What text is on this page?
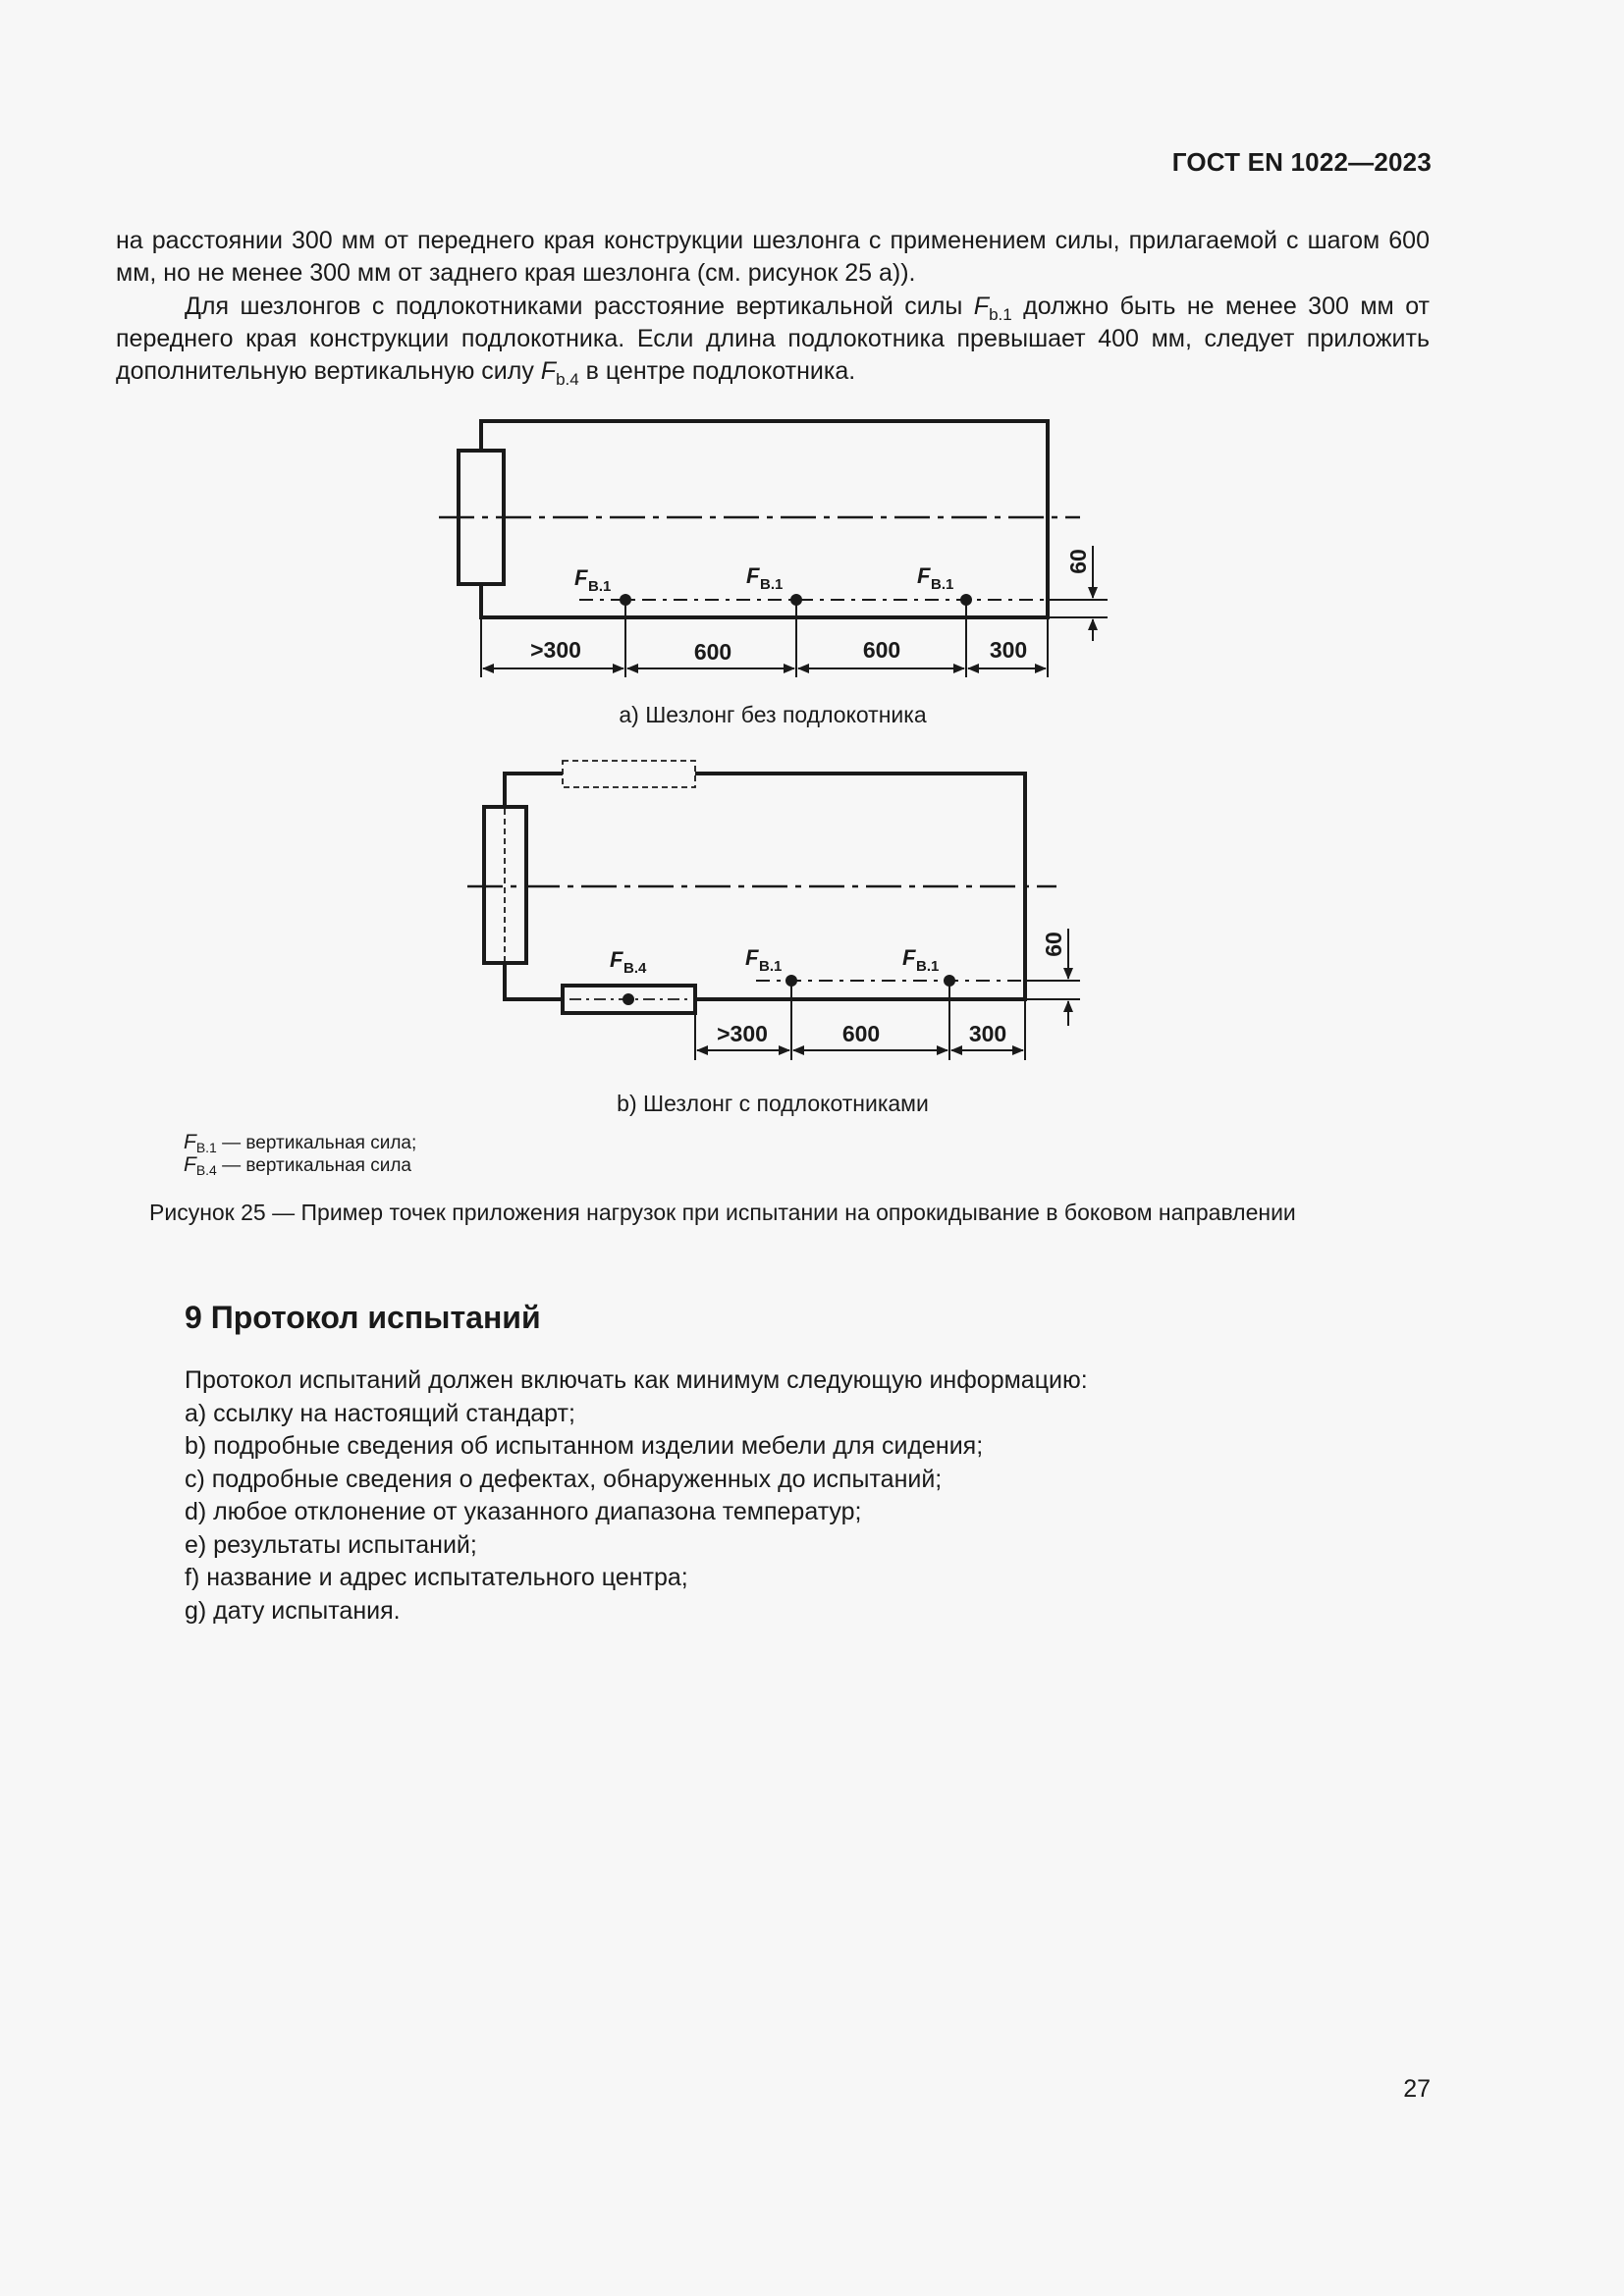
ГОСТ EN 1022—2023
на расстоянии 300 мм от переднего края конструкции шезлонга с применением силы, прилагаемой с шагом 600 мм, но не менее 300 мм от заднего края шезлонга (см. рисунок 25 а)).
Для шезлонгов с подлокотниками расстояние вертикальной силы $F_{b.1}$ должно быть не менее 300 мм от переднего края конструкции подлокотника. Если длина подлокотника превышает 400 мм, следует приложить дополнительную вертикальную силу $F_{b.4}$ в центре подлокотника.
F B.1	F B.1	F B.1
>300	600	600	300
60
F B.4	F B.1	F B.1
>300	600	300
60
a) Шезлонг без подлокотника
b) Шезлонг с подлокотниками
$F_{B.1}$ — вертикальная сила;
$F_{B.4}$ — вертикальная сила
Рисунок 25 — Пример точек приложения нагрузок при испытании на опрокидывание в боковом направлении
9 Протокол испытаний
Протокол испытаний должен включать как минимум следующую информацию:
a) ссылку на настоящий стандарт;
b) подробные сведения об испытанном изделии мебели для сидения;
c) подробные сведения о дефектах, обнаруженных до испытаний;
d) любое отклонение от указанного диапазона температур;
e) результаты испытаний;
f) название и адрес испытательного центра;
g) дату испытания.
27
